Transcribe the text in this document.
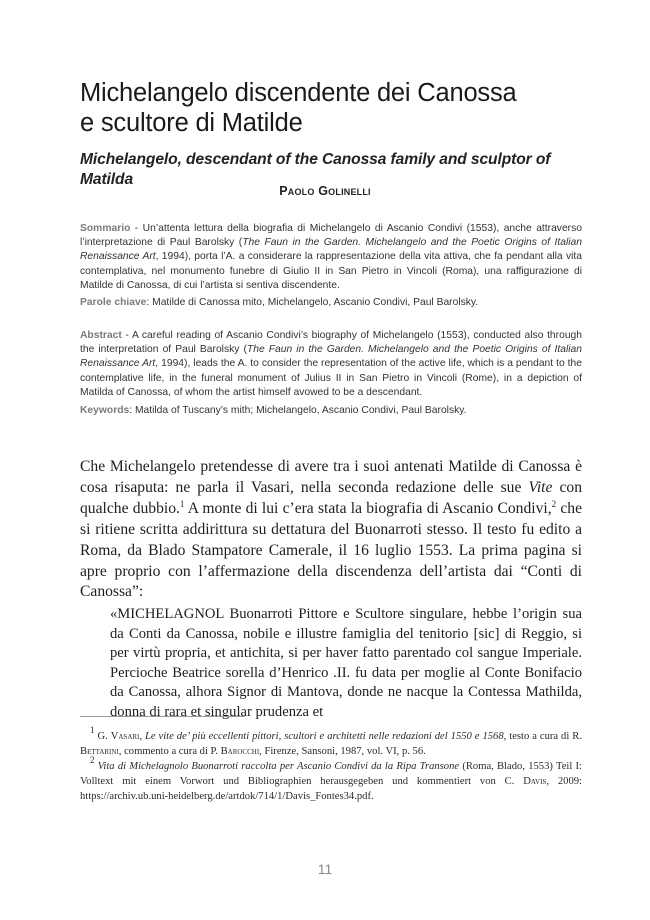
Michelangelo discendente dei Canossa
e scultore di Matilde
Michelangelo, descendant of the Canossa family and sculptor of Matilda
Paolo Golinelli
Sommario - Un’attenta lettura della biografia di Michelangelo di Ascanio Condivi (1553), anche attraverso l’interpretazione di Paul Barolsky (The Faun in the Garden. Michelangelo and the Poetic Origins of Italian Renaissance Art, 1994), porta l’A. a considerare la rappresentazione della vita attiva, che fa pendant alla vita contemplativa, nel monumento funebre di Giulio II in San Pietro in Vincoli (Roma), una raffigurazione di Matilde di Canossa, di cui l’artista si sentiva discendente.
Parole chiave: Matilde di Canossa mito, Michelangelo, Ascanio Condivi, Paul Barolsky.
Abstract - A careful reading of Ascanio Condivi’s biography of Michelangelo (1553), conducted also through the interpretation of Paul Barolsky (The Faun in the Garden. Michelangelo and the Poetic Origins of Italian Renaissance Art, 1994), leads the A. to consider the representation of the active life, which is a pendant to the contemplative life, in the funeral monument of Julius II in San Pietro in Vincoli (Rome), in a depiction of Matilda of Canossa, of whom the artist himself avowed to be a descendant.
Keywords: Matilda of Tuscany’s mith; Michelangelo, Ascanio Condivi, Paul Barolsky.
Che Michelangelo pretendesse di avere tra i suoi antenati Matilde di Canossa è cosa risaputa: ne parla il Vasari, nella seconda redazione delle sue Vite con qualche dubbio.$^1$ A monte di lui c’era stata la biografia di Ascanio Condivi,$^2$ che si ritiene scritta addirittura su dettatura del Buonarroti stesso. Il testo fu edito a Roma, da Blado Stampatore Camerale, il 16 luglio 1553. La prima pagina si apre proprio con l’affermazione della discendenza dell’artista dai “Conti di Canossa”:
«MICHELAGNOL Buonarroti Pittore e Scultore singulare, hebbe l’origin sua da Conti da Canossa, nobile e illustre famiglia del tenitorio [sic] di Reggio, si per virtù propria, et antichita, si per haver fatto parentado col sangue Imperiale. Percioche Beatrice sorella d’Henrico .II. fu data per moglie al Conte Bonifacio da Canossa, alhora Signor di Mantova, donde ne nacque la Contessa Mathilda, donna di rara et singular prudenza et

$^1$ G. Vasari, Le vite de’ più eccellenti pittori, scultori e architetti nelle redazioni del 1550 e 1568, testo a cura di R. Bettarini, commento a cura di P. Barocchi, Firenze, Sansoni, 1987, vol. VI, p. 56.

$^2$ Vita di Michelagnolo Buonarroti raccolta per Ascanio Condivi da la Ripa Transone (Roma, Blado, 1553) Teil I: Volltext mit einem Vorwort und Bibliographien herausgegeben und kommentiert von C. Davis, 2009: https://archiv.ub.uni-heidelberg.de/artdok/714/1/Davis_Fontes34.pdf.

11
